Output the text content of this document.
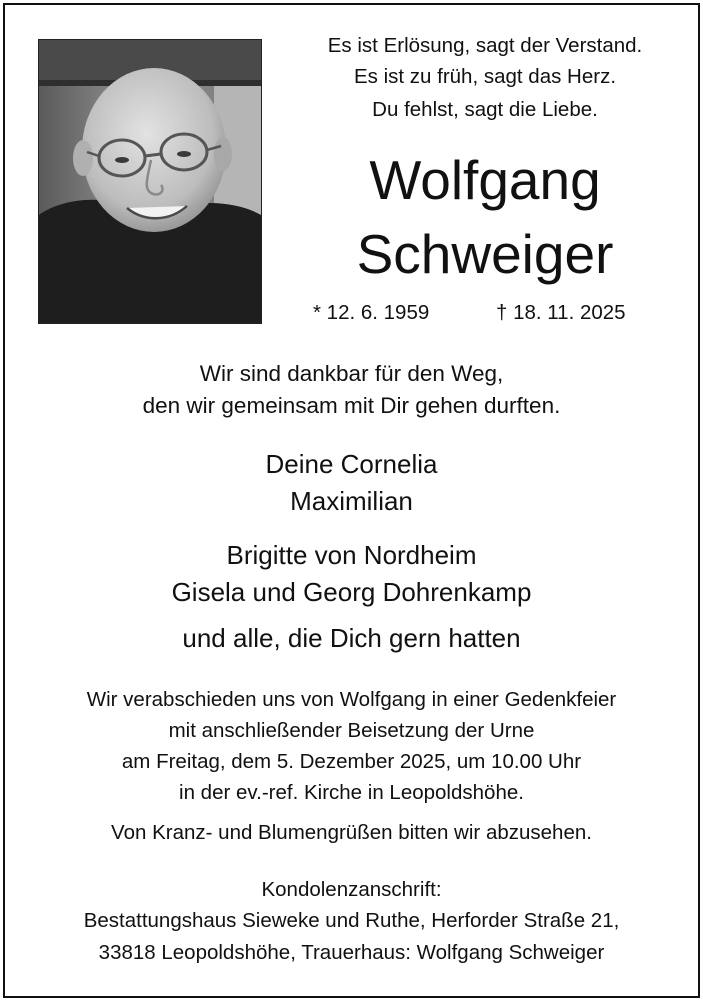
Es ist Erlösung, sagt der Verstand.
Es ist zu früh, sagt das Herz.
Du fehlst, sagt die Liebe.
Wolfgang
Schweiger
* 12. 6. 1959	† 18. 11. 2025
Wir sind dankbar für den Weg,
den wir gemeinsam mit Dir gehen durften.
Deine Cornelia
Maximilian
Brigitte von Nordheim
Gisela und Georg Dohrenkamp
und alle, die Dich gern hatten
Wir verabschieden uns von Wolfgang in einer Gedenkfeier
mit anschließender Beisetzung der Urne
am Freitag, dem 5. Dezember 2025, um 10.00 Uhr
in der ev.-ref. Kirche in Leopoldshöhe.
Von Kranz- und Blumengrüßen bitten wir abzusehen.
Kondolenzanschrift:
Bestattungshaus Sieweke und Ruthe, Herforder Straße 21,
33818 Leopoldshöhe, Trauerhaus: Wolfgang Schweiger
